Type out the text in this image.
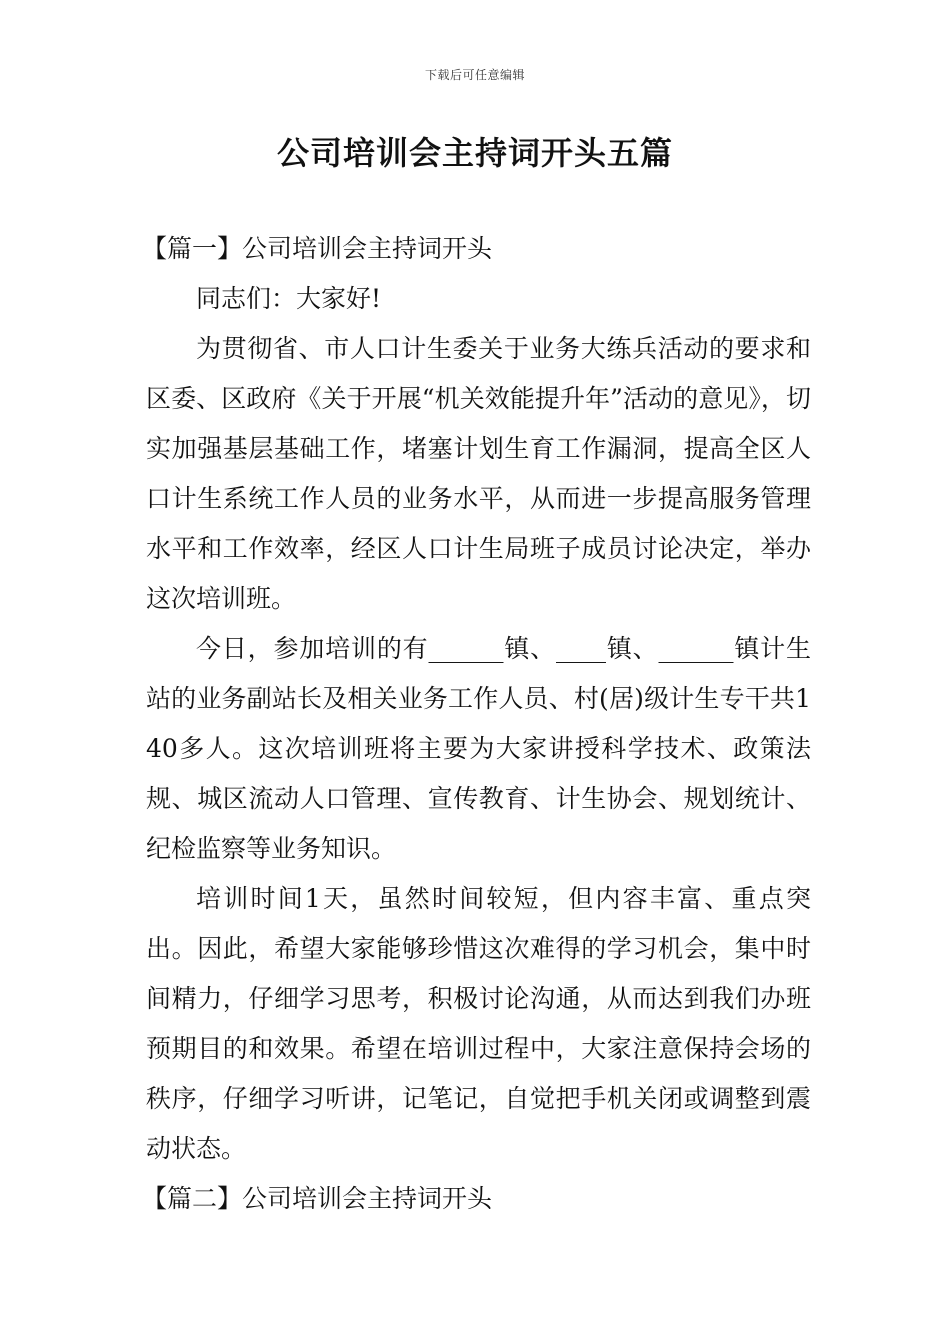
下载后可任意编辑
公司培训会主持词开头五篇

【篇一】公司培训会主持词开头

同志们：大家好!

为贯彻省、市人口计生委关于业务大练兵活动的要求和区委、区政府《关于开展“机关效能提升年”活动的意见》，切实加强基层基础工作，堵塞计划生育工作漏洞，提高全区人口计生系统工作人员的业务水平，从而进一步提高服务管理水平和工作效率，经区人口计生局班子成员讨论决定，举办这次培训班。

今日，参加培训的有______镇、____镇、______镇计生站的业务副站长及相关业务工作人员、村(居)级计生专干共140多人。这次培训班将主要为大家讲授科学技术、政策法规、城区流动人口管理、宣传教育、计生协会、规划统计、纪检监察等业务知识。

培训时间1天，虽然时间较短，但内容丰富、重点突出。因此，希望大家能够珍惜这次难得的学习机会，集中时间精力，仔细学习思考，积极讨论沟通，从而达到我们办班预期目的和效果。希望在培训过程中，大家注意保持会场的秩序，仔细学习听讲，记笔记，自觉把手机关闭或调整到震动状态。

【篇二】公司培训会主持词开头
